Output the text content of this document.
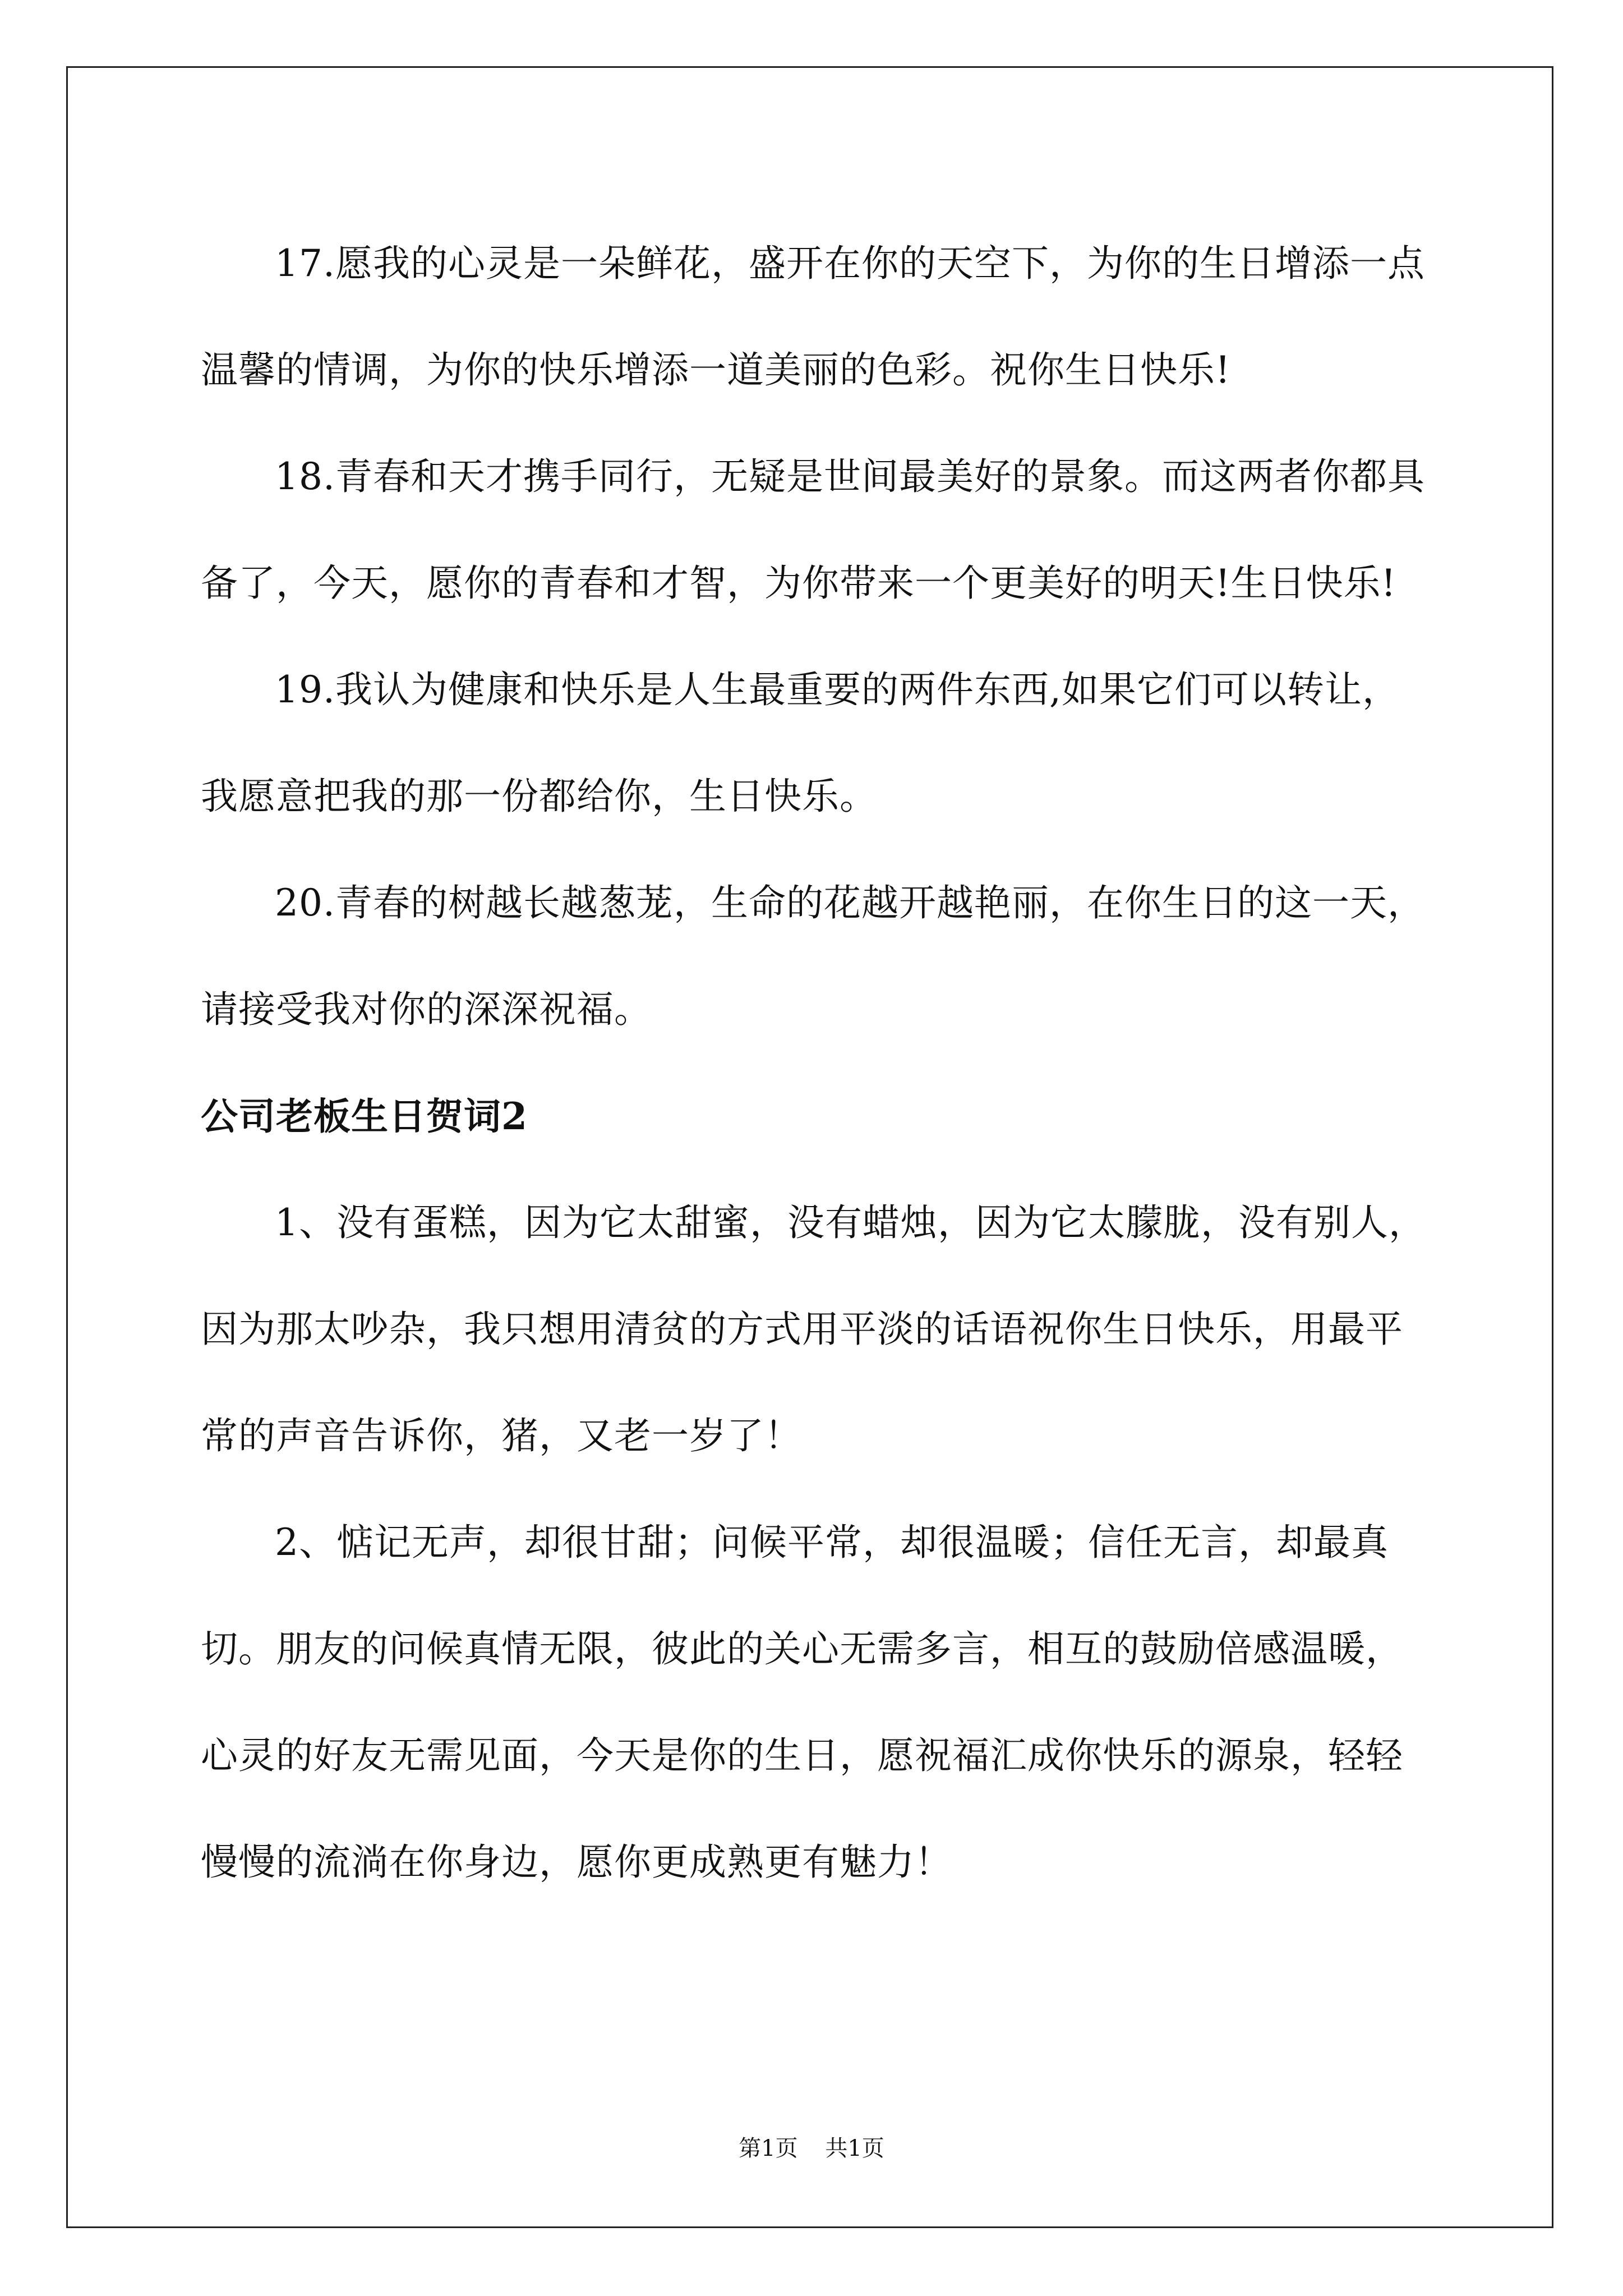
17.愿我的心灵是一朵鲜花，盛开在你的天空下，为你的生日增添一点温馨的情调，为你的快乐增添一道美丽的色彩。祝你生日快乐!

18.青春和天才携手同行，无疑是世间最美好的景象。而这两者你都具备了，今天，愿你的青春和才智，为你带来一个更美好的明天!生日快乐!

19.我认为健康和快乐是人生最重要的两件东西,如果它们可以转让，我愿意把我的那一份都给你，生日快乐。

20.青春的树越长越葱茏，生命的花越开越艳丽，在你生日的这一天，请接受我对你的深深祝福。

公司老板生日贺词2

1、没有蛋糕，因为它太甜蜜，没有蜡烛，因为它太朦胧，没有别人，因为那太吵杂，我只想用清贫的方式用平淡的话语祝你生日快乐，用最平常的声音告诉你，猪，又老一岁了！

2、惦记无声，却很甘甜；问候平常，却很温暖；信任无言，却最真切。朋友的问候真情无限，彼此的关心无需多言，相互的鼓励倍感温暖，心灵的好友无需见面，今天是你的生日，愿祝福汇成你快乐的源泉，轻轻慢慢的流淌在你身边，愿你更成熟更有魅力！

第1页 共1页
